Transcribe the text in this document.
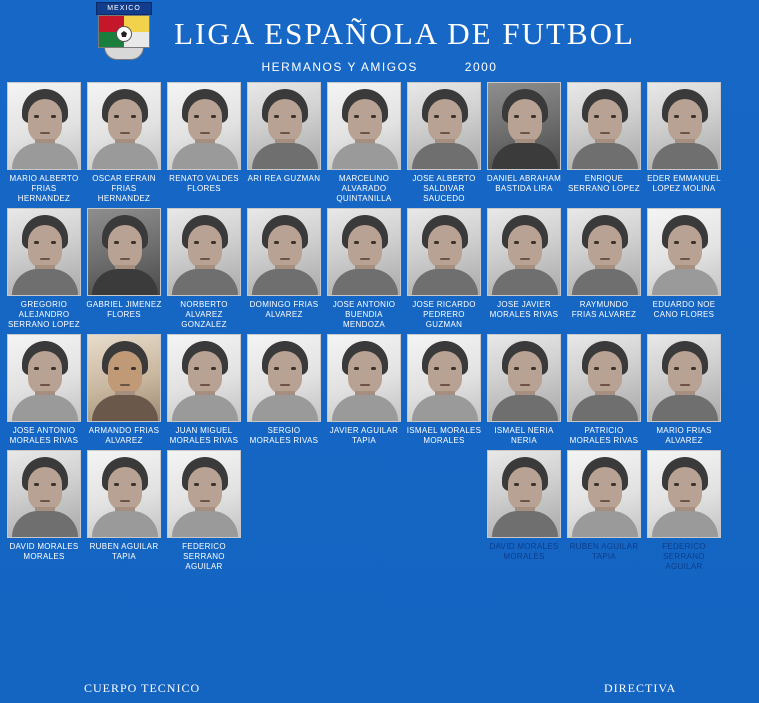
MEXICO
LIGA ESPAÑOLA DE FUTBOL
HERMANOS Y AMIGOS	2000
MARIO ALBERTO FRIAS HERNANDEZ
OSCAR EFRAIN FRIAS HERNANDEZ
RENATO VALDES FLORES
ARI REA GUZMAN	MARCELINO ALVARADO QUINTANILLA
JOSE ALBERTO SALDIVAR SAUCEDO
DANIEL ABRAHAM BASTIDA LIRA
ENRIQUE SERRANO LOPEZ
EDER EMMANUEL LOPEZ MOLINA
GREGORIO ALEJANDRO SERRANO LOPEZ
GABRIEL JIMENEZ FLORES
NORBERTO ALVAREZ GONZALEZ
DOMINGO FRIAS ALVAREZ
JOSE ANTONIO BUENDIA MENDOZA
JOSE RICARDO PEDRERO GUZMAN
JOSE JAVIER MORALES RIVAS
RAYMUNDO FRIAS ALVAREZ
EDUARDO NOE CANO FLORES
JOSE ANTONIO MORALES RIVAS
ARMANDO FRIAS ALVAREZ
JUAN MIGUEL MORALES RIVAS
SERGIO MORALES RIVAS
JAVIER AGUILAR TAPIA
ISMAEL MORALES MORALES
ISMAEL NERIA NERIA
PATRICIO MORALES RIVAS
MARIO FRIAS ALVAREZ
DAVID MORALES MORALES
RUBEN AGUILAR TAPIA
FEDERICO SERRANO AGUILAR
DAVID MORALES MORALES
RUBEN AGUILAR TAPIA
FEDERICO SERRANO AGUILAR
CUERPO TECNICO	DIRECTIVA
